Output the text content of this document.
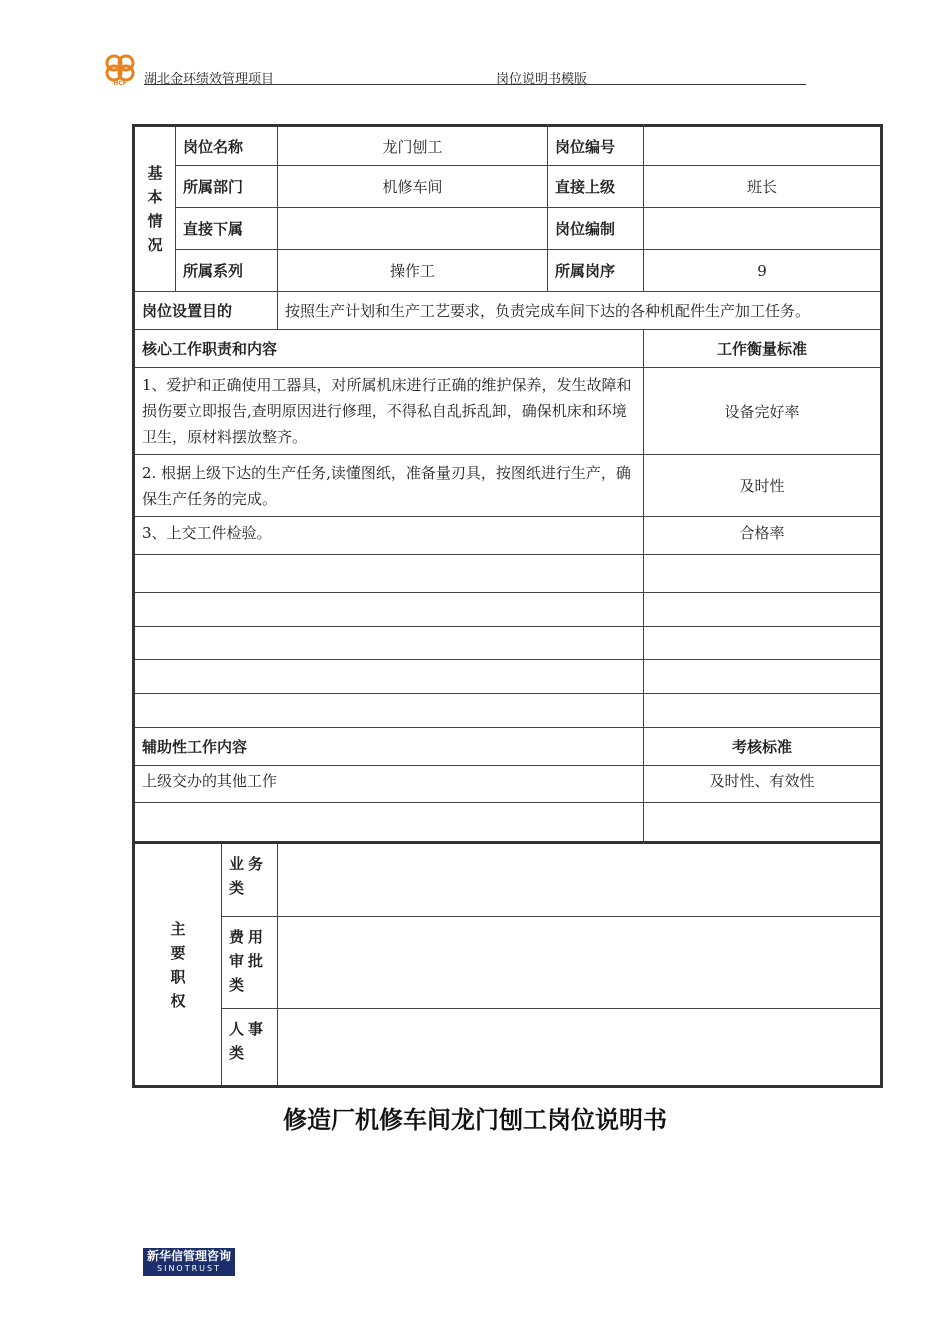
HCF 湖北金环绩效管理项目	岗位说明书模版
基本情况	岗位名称		龙门刨工	岗位编号	
	所属部门		机修车间	直接上级	班长
	直接下属			岗位编制	
	所属系列		操作工	所属岗序	9
岗位设置目的			按照生产计划和生产工艺要求，负责完成车间下达的各种机配件生产加工任务。		
核心工作职责和内容					工作衡量标准
1、爱护和正确使用工器具，对所属机床进行正确的维护保养，发生故障和损伤要立即报告,查明原因进行修理，不得私自乱拆乱卸，确保机床和环境卫生，原材料摆放整齐。					设备完好率
2. 根据上级下达的生产任务,读懂图纸，准备量刃具，按图纸进行生产，确保生产任务的完成。					及时性
3、上交工件检验。					合格率

辅助性工作内容					考核标准
上级交办的其他工作					及时性、有效性

主要职权		业务类			
		费用审批类			
		人事类			
修造厂机修车间龙门刨工岗位说明书
新华信管理咨询
SINOTRUST
